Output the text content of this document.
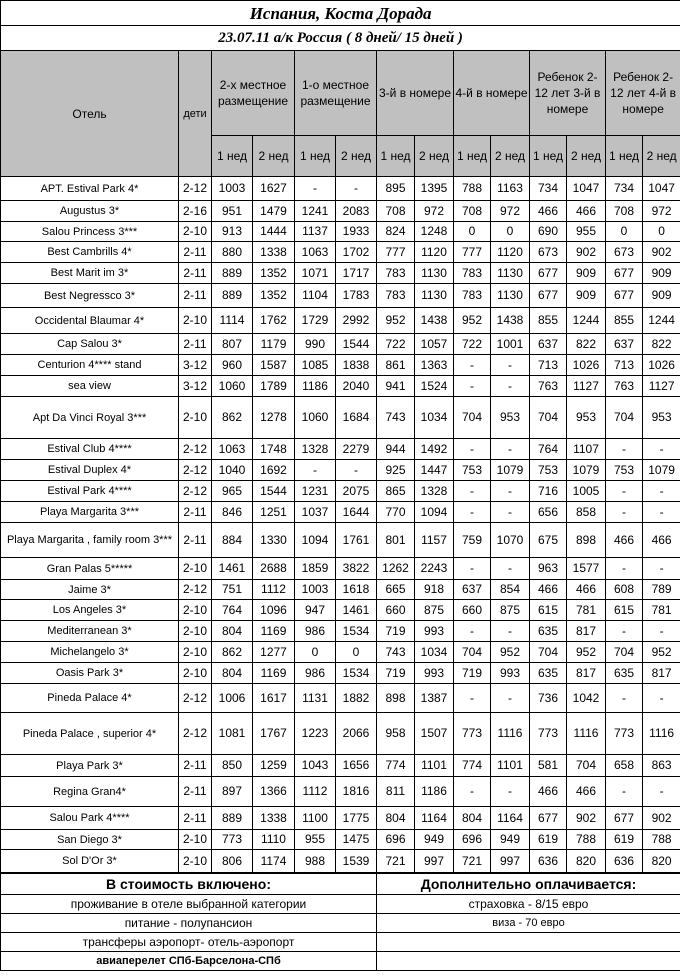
Испания, Коста Дорада													
23.07.11 а/к Россия ( 8 дней/ 15 дней )													
Отель	дети	2-х местное размещение		1-о местное размещение		3-й в номере		4-й в номере		Ребенок 2-12 лет 3-й в номере		Ребенок 2-12 лет 4-й в номере	
		1 нед	2 нед	1 нед	2 нед	1 нед	2 нед	1 нед	2 нед	1 нед	2 нед	1 нед	2 нед
APT. Estival Park 4*	2-12	1003	1627	-	-	895	1395	788	1163	734	1047	734	1047
Augustus 3*	2-16	951	1479	1241	2083	708	972	708	972	466	466	708	972
Salou Princess 3***	2-10	913	1444	1137	1933	824	1248	0	0	690	955	0	0
Best Cambrills 4*	2-11	880	1338	1063	1702	777	1120	777	1120	673	902	673	902
Best Marit im 3*	2-11	889	1352	1071	1717	783	1130	783	1130	677	909	677	909
Best Negressco 3*	2-11	889	1352	1104	1783	783	1130	783	1130	677	909	677	909
Occidental Blaumar 4*	2-10	1114	1762	1729	2992	952	1438	952	1438	855	1244	855	1244
Cap Salou 3*	2-11	807	1179	990	1544	722	1057	722	1001	637	822	637	822
Centurion 4**** stand	3-12	960	1587	1085	1838	861	1363	-	-	713	1026	713	1026
sea view	3-12	1060	1789	1186	2040	941	1524	-	-	763	1127	763	1127
Apt Da Vinci Royal 3***	2-10	862	1278	1060	1684	743	1034	704	953	704	953	704	953
Estival Club 4****	2-12	1063	1748	1328	2279	944	1492	-	-	764	1107	-	-
Estival Duplex 4*	2-12	1040	1692	-	-	925	1447	753	1079	753	1079	753	1079
Estival Park 4****	2-12	965	1544	1231	2075	865	1328	-	-	716	1005	-	-
Playa Margarita 3***	2-11	846	1251	1037	1644	770	1094	-	-	656	858	-	-
Playa Margarita , family room 3***	2-11	884	1330	1094	1761	801	1157	759	1070	675	898	466	466
Gran Palas 5*****	2-10	1461	2688	1859	3822	1262	2243	-	-	963	1577	-	-
Jaime 3*	2-12	751	1112	1003	1618	665	918	637	854	466	466	608	789
Los Angeles 3*	2-10	764	1096	947	1461	660	875	660	875	615	781	615	781
Mediterranean 3*	2-10	804	1169	986	1534	719	993	-	-	635	817	-	-
Michelangelo 3*	2-10	862	1277	0	0	743	1034	704	952	704	952	704	952
Oasis Park 3*	2-10	804	1169	986	1534	719	993	719	993	635	817	635	817
Pineda Palace 4*	2-12	1006	1617	1131	1882	898	1387	-	-	736	1042	-	-
Pineda Palace , superior 4*	2-12	1081	1767	1223	2066	958	1507	773	1116	773	1116	773	1116
Playa Park 3*	2-11	850	1259	1043	1656	774	1101	774	1101	581	704	658	863
Regina Gran4*	2-11	897	1366	1112	1816	811	1186	-	-	466	466	-	-
Salou Park 4****	2-11	889	1338	1100	1775	804	1164	804	1164	677	902	677	902
San Diego 3*	2-10	773	1110	955	1475	696	949	696	949	619	788	619	788
Sol D'Or 3*	2-10	806	1174	988	1539	721	997	721	997	636	820	636	820
В стоимость включено:	Дополнительно оплачивается:
проживание в отеле выбранной категории	страховка - 8/15 евро
питание - полупансион	виза - 70 евро
трансферы аэропорт- отель-аэропорт	
авиаперелет СПб-Барселона-СПб	
